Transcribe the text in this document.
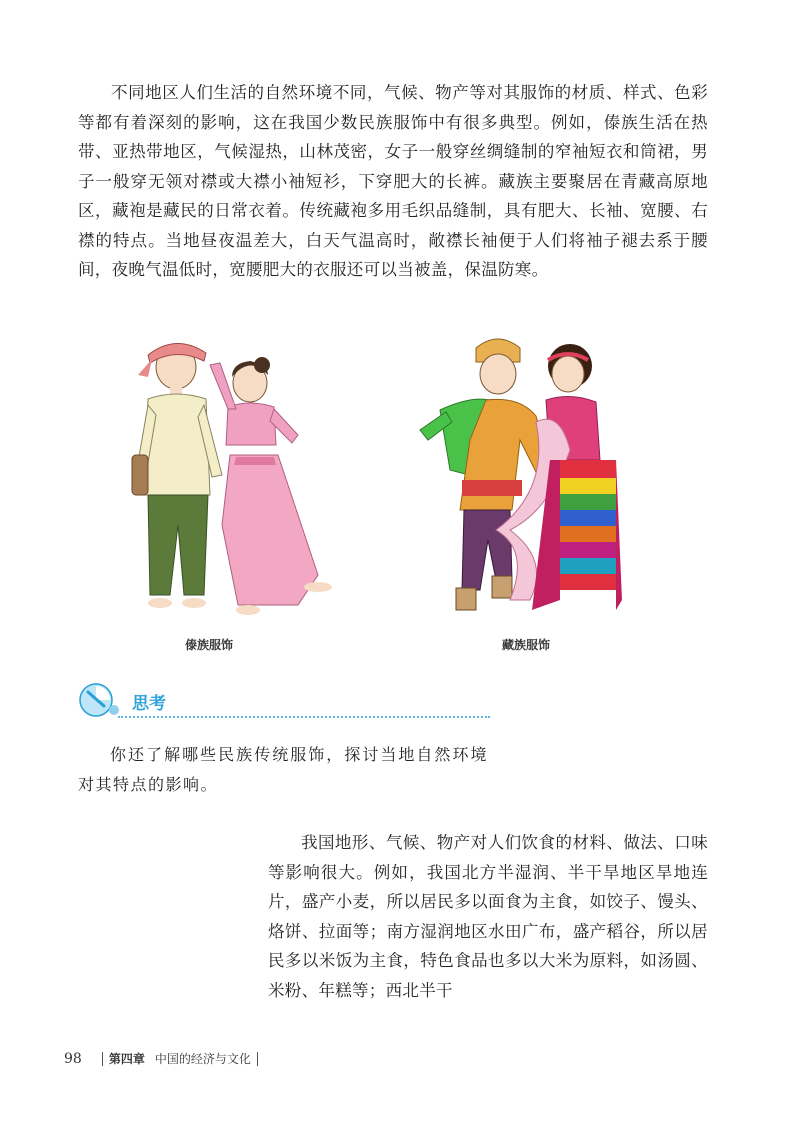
不同地区人们生活的自然环境不同，气候、物产等对其服饰的材质、样式、色彩等都有着深刻的影响，这在我国少数民族服饰中有很多典型。例如，傣族生活在热带、亚热带地区，气候湿热，山林茂密，女子一般穿丝绸缝制的窄袖短衣和筒裙，男子一般穿无领对襟或大襟小袖短衫，下穿肥大的长裤。藏族主要聚居在青藏高原地区，藏袍是藏民的日常衣着。传统藏袍多用毛织品缝制，具有肥大、长袖、宽腰、右襟的特点。当地昼夜温差大，白天气温高时，敞襟长袖便于人们将袖子褪去系于腰间，夜晚气温低时，宽腰肥大的衣服还可以当被盖，保温防寒。
傣族服饰	藏族服饰
思考
你还了解哪些民族传统服饰，探讨当地自然环境对其特点的影响。
我国地形、气候、物产对人们饮食的材料、做法、口味等影响很大。例如，我国北方半湿润、半干旱地区旱地连片，盛产小麦，所以居民多以面食为主食，如饺子、馒头、烙饼、拉面等；南方湿润地区水田广布，盛产稻谷，所以居民多以米饭为主食，特色食品也多以大米为原料，如汤圆、米粉、年糕等；西北半干
98 第四章 中国的经济与文化
